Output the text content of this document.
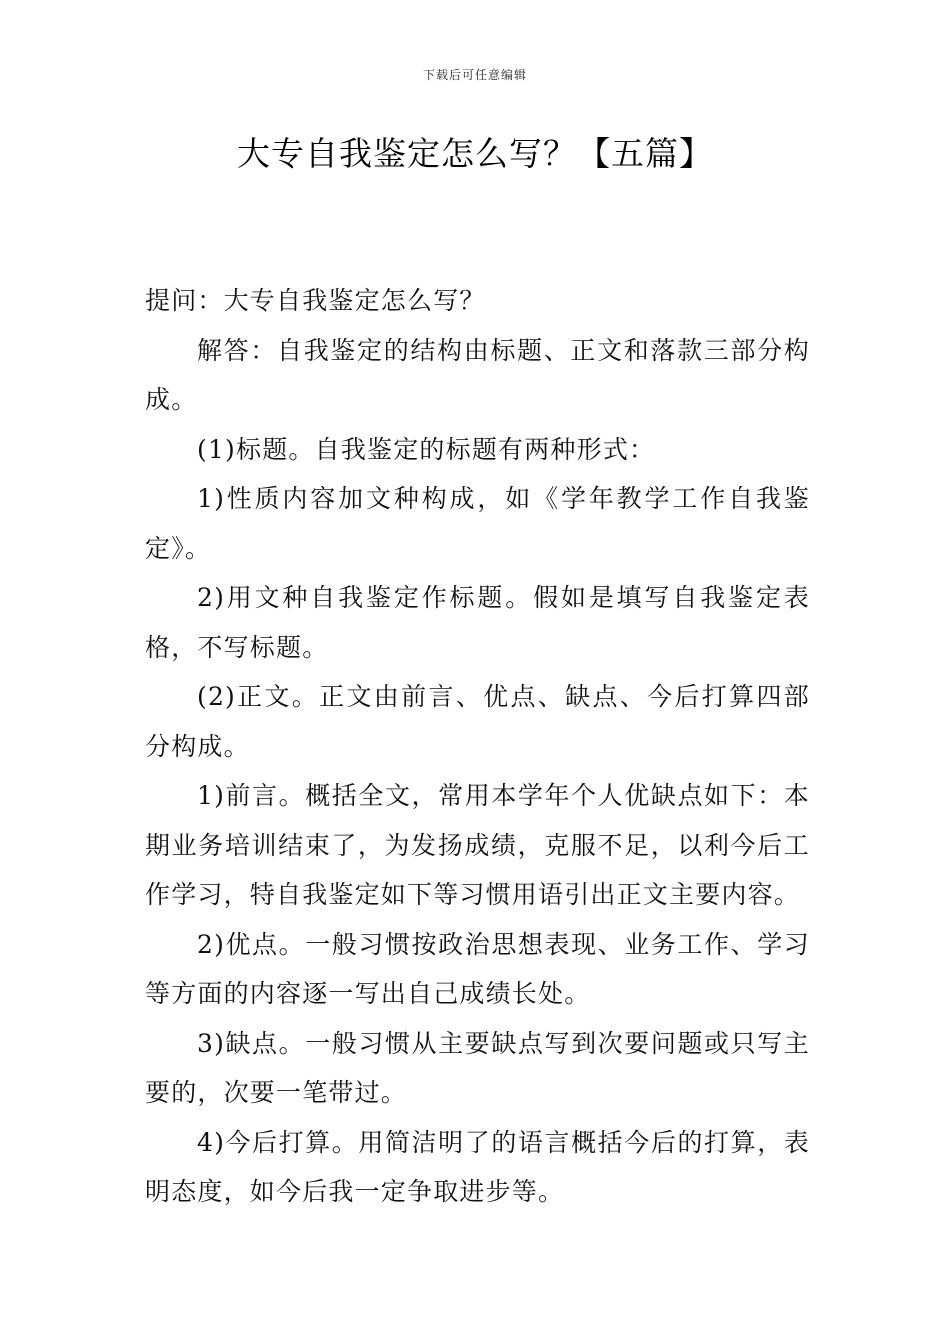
下载后可任意编辑
大专自我鉴定怎么写？【五篇】

提问：大专自我鉴定怎么写？

解答：自我鉴定的结构由标题、正文和落款三部分构成。

(1)标题。自我鉴定的标题有两种形式：

1)性质内容加文种构成，如《学年教学工作自我鉴定》。

2)用文种自我鉴定作标题。假如是填写自我鉴定表格，不写标题。

(2)正文。正文由前言、优点、缺点、今后打算四部分构成。

1)前言。概括全文，常用本学年个人优缺点如下：本期业务培训结束了，为发扬成绩，克服不足，以利今后工作学习，特自我鉴定如下等习惯用语引出正文主要内容。

2)优点。一般习惯按政治思想表现、业务工作、学习等方面的内容逐一写出自己成绩长处。

3)缺点。一般习惯从主要缺点写到次要问题或只写主要的，次要一笔带过。

4)今后打算。用简洁明了的语言概括今后的打算，表明态度，如今后我一定争取进步等。
